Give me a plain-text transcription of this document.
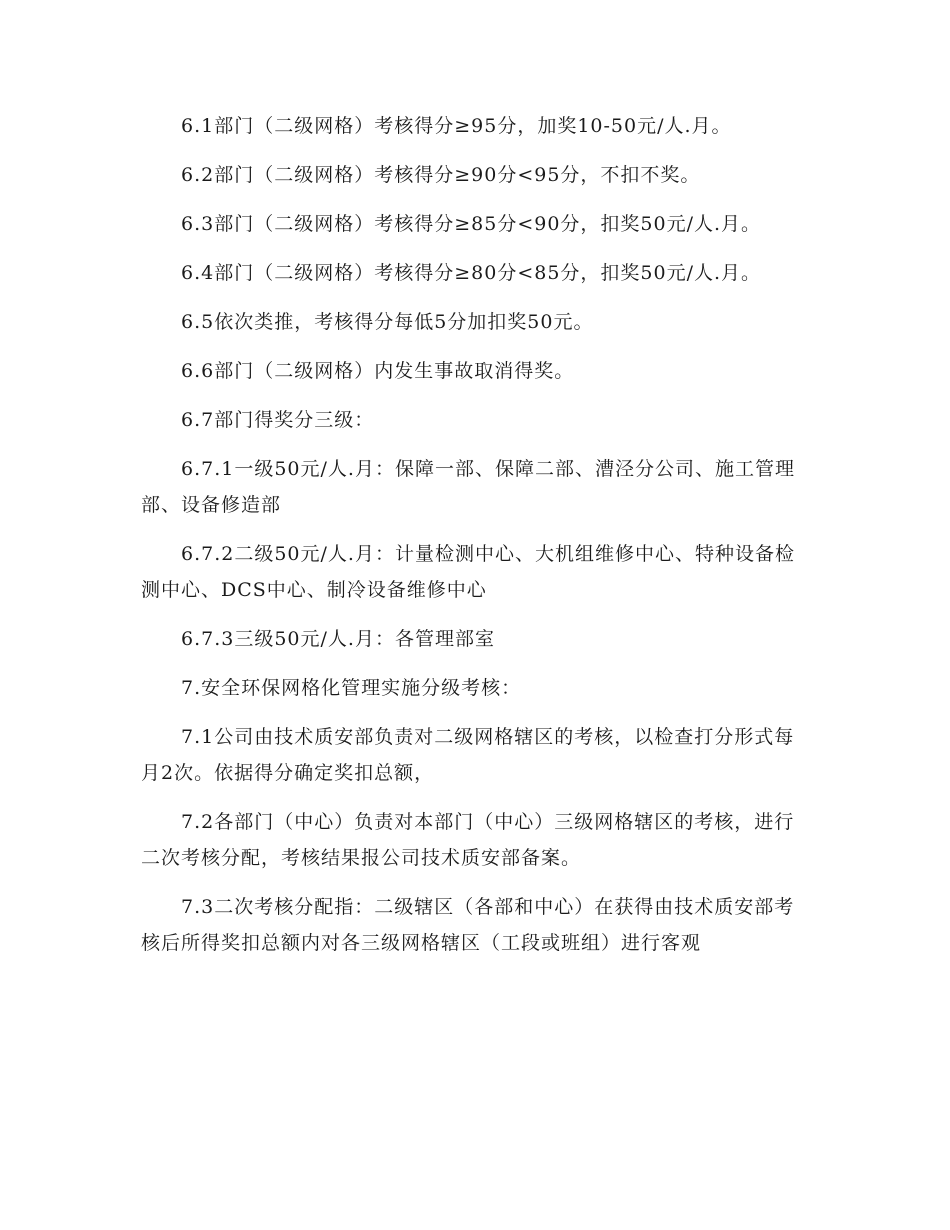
6.1部门（二级网格）考核得分≥95分，加奖10-50元/人.月。

6.2部门（二级网格）考核得分≥90分<95分，不扣不奖。

6.3部门（二级网格）考核得分≥85分<90分，扣奖50元/人.月。

6.4部门（二级网格）考核得分≥80分<85分，扣奖50元/人.月。

6.5依次类推，考核得分每低5分加扣奖50元。

6.6部门（二级网格）内发生事故取消得奖。

6.7部门得奖分三级：

6.7.1一级50元/人.月：保障一部、保障二部、漕泾分公司、施工管理部、设备修造部

6.7.2二级50元/人.月：计量检测中心、大机组维修中心、特种设备检测中心、DCS中心、制冷设备维修中心

6.7.3三级50元/人.月：各管理部室

7.安全环保网格化管理实施分级考核：

7.1公司由技术质安部负责对二级网格辖区的考核，以检查打分形式每月2次。依据得分确定奖扣总额，

7.2各部门（中心）负责对本部门（中心）三级网格辖区的考核，进行二次考核分配，考核结果报公司技术质安部备案。

7.3二次考核分配指：二级辖区（各部和中心）在获得由技术质安部考核后所得奖扣总额内对各三级网格辖区（工段或班组）进行客观
